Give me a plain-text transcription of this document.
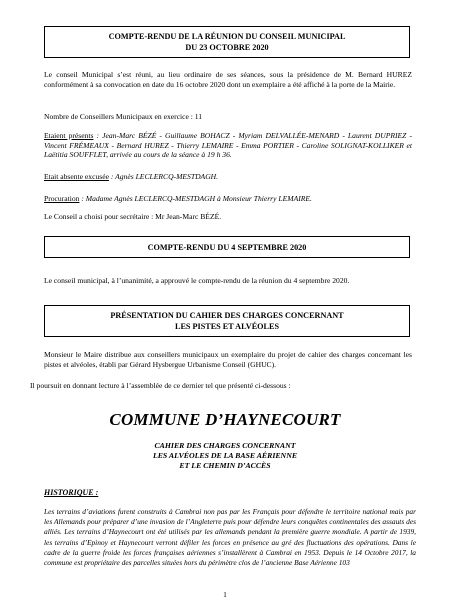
COMPTE-RENDU DE LA RÉUNION DU CONSEIL MUNICIPAL
DU 23 OCTOBRE 2020
Le conseil Municipal s’est réuni, au lieu ordinaire de ses séances, sous la présidence de M. Bernard HUREZ conformément à sa convocation en date du 16 octobre 2020 dont un exemplaire a été affiché à la porte de la Mairie.
Nombre de Conseillers Municipaux en exercice : 11
Etaient présents : Jean-Marc BÉZÉ - Guillaume BOHACZ - Myriam DELVALLÉE-MENARD - Laurent DUPRIEZ - Vincent FRÉMEAUX - Bernard HUREZ - Thierry LEMAIRE - Emma PORTIER - Caroline SOLIGNAT-KOLLIKER et Laëtitia SOUFFLET, arrivée au cours de la séance à 19 h 36.
Etait absente excusée : Agnès LECLERCQ-MESTDAGH.
Procuration : Madame Agnès LECLERCQ-MESTDAGH à Monsieur Thierry LEMAIRE.
Le Conseil a choisi pour secrétaire : Mr Jean-Marc BÉZÉ.
COMPTE-RENDU DU 4 SEPTEMBRE 2020
Le conseil municipal, à l’unanimité, a approuvé le compte-rendu de la réunion du 4 septembre 2020.
PRÉSENTATION DU CAHIER DES CHARGES CONCERNANT
LES PISTES ET ALVÉOLES
Monsieur le Maire distribue aux conseillers municipaux un exemplaire du projet de cahier des charges concernant les pistes et alvéoles, établi par Gérard Hysbergue Urbanisme Conseil (GHUC).
Il poursuit en donnant lecture à l’assemblée de ce dernier tel que présenté ci-dessous :
COMMUNE D’HAYNECOURT
CAHIER DES CHARGES CONCERNANT
LES ALVÉOLES DE LA BASE AÉRIENNE
ET LE CHEMIN D’ACCÈS
HISTORIQUE :
Les terrains d’aviations furent construits à Cambrai non pas par les Français pour défendre le territoire national mais par les Allemands pour préparer d’une invasion de l’Angleterre puis pour défendre leurs conquêtes continentales des assauts des alliés. Les terrains d’Haynecourt ont été utilisés par les allemands pendant la première guerre mondiale. A partir de 1939, les terrains d’Epinoy et Haynecourt verront défiler les forces en présence au gré des fluctuations des opérations. Dans le cadre de la guerre froide les forces françaises aériennes s’installèrent à Cambrai en 1953. Depuis le 14 Octobre 2017, la commune est propriétaire des parcelles situées hors du périmètre clos de l’ancienne Base Aérienne 103
1
